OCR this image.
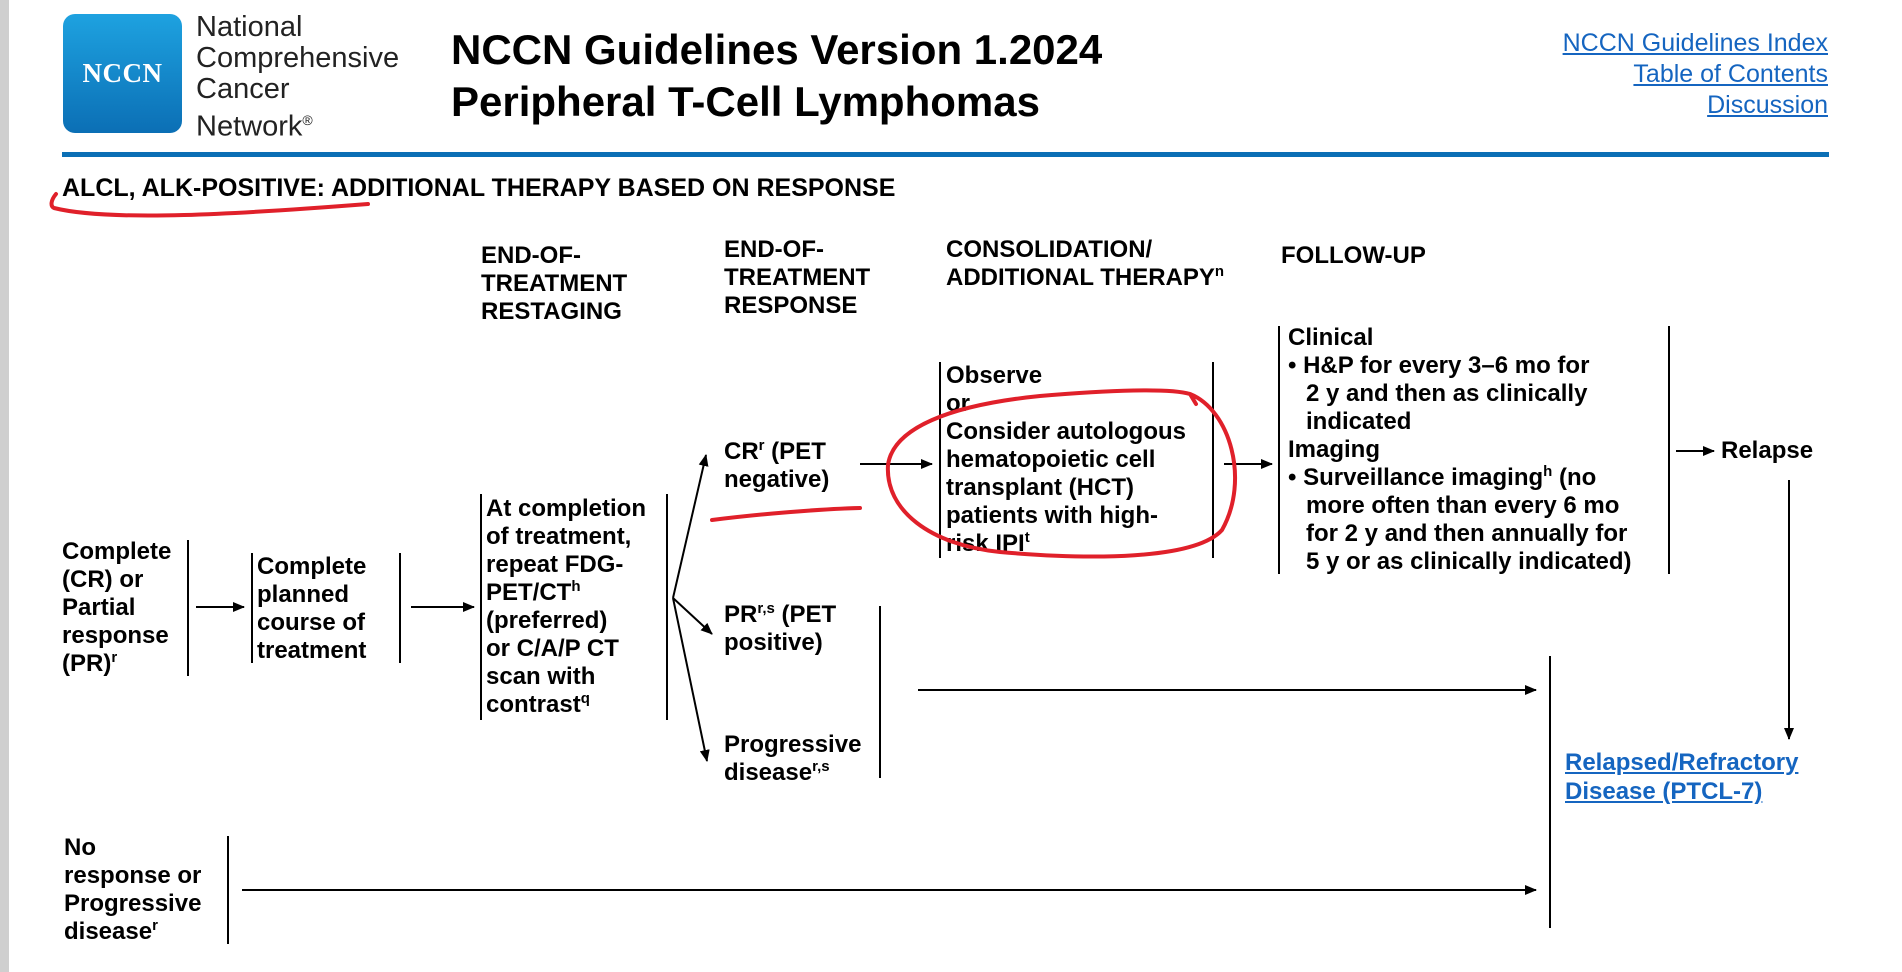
NCCN
National
Comprehensive
Cancer
Network®
NCCN Guidelines Version 1.2024
Peripheral T-Cell Lymphomas
NCCN Guidelines Index
Table of Contents
Discussion
ALCL, ALK-POSITIVE: ADDITIONAL THERAPY BASED ON RESPONSE
END-OF-
TREATMENT
RESTAGING
END-OF-
TREATMENT
RESPONSE
CONSOLIDATION/
ADDITIONAL THERAPY$^n$
FOLLOW-UP
Complete
(CR) or
Partial
response
(PR)$^r$
Complete
planned
course of
treatment
At completion
of treatment,
repeat FDG-
PET/$CT^h$
(preferred)
or C/A/P CT
scan with
contrast$^q$
$CR^r$ (PET
negative)
PR$^{r,s}$ (PET
positive)
Progressive
disease$^{r,s}$
Observe
or
Consider autologous
hematopoietic cell
transplant (HCT)
patients with high-
risk IPI$^t$
Clinical
• H&P for every 3–6 mo for
2 y and then as clinically
indicated
Imaging
• Surveillance imaging$^h$ (no
more often than every 6 mo
for 2 y and then annually for
5 y or as clinically indicated)
Relapse
Relapsed/Refractory
Disease (PTCL-7)
No
response or
Progressive
disease$^r$
